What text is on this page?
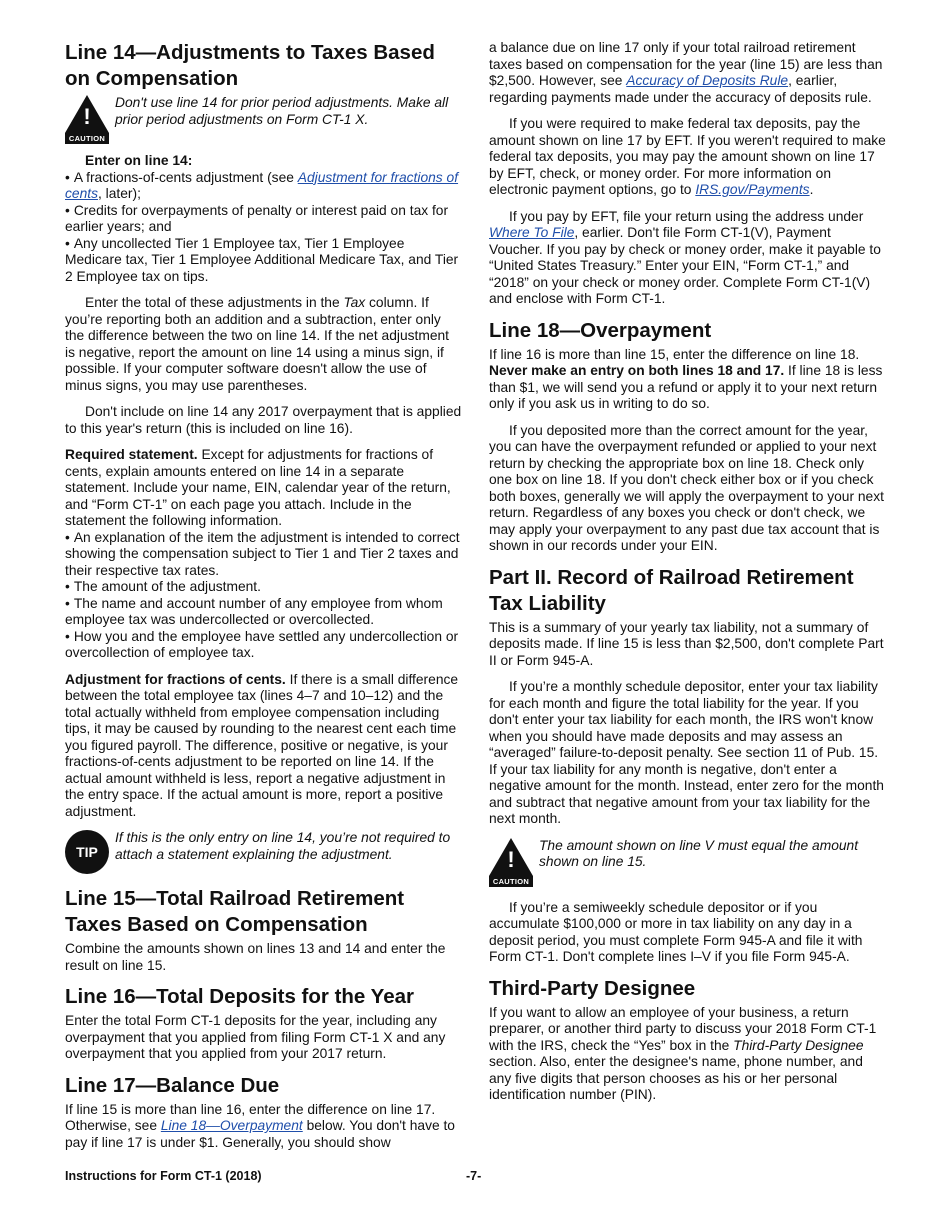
Line 14—Adjustments to Taxes Based on Compensation
!
CAUTION
Don't use line 14 for prior period adjustments. Make all prior period adjustments on Form CT-1 X.

Enter on line 14:

• A fractions-of-cents adjustment (see Adjustment for fractions of cents, later);
• Credits for overpayments of penalty or interest paid on tax for earlier years; and
• Any uncollected Tier 1 Employee tax, Tier 1 Employee Medicare tax, Tier 1 Employee Additional Medicare Tax, and Tier 2 Employee tax on tips.

Enter the total of these adjustments in the Tax column. If you’re reporting both an addition and a subtraction, enter only the difference between the two on line 14. If the net adjustment is negative, report the amount on line 14 using a minus sign, if possible. If your computer software doesn't allow the use of minus signs, you may use parentheses.

Don't include on line 14 any 2017 overpayment that is applied to this year's return (this is included on line 16).

Required statement. Except for adjustments for fractions of cents, explain amounts entered on line 14 in a separate statement. Include your name, EIN, calendar year of the return, and “Form CT-1” on each page you attach. Include in the statement the following information.

• An explanation of the item the adjustment is intended to correct showing the compensation subject to Tier 1 and Tier 2 taxes and their respective tax rates.
• The amount of the adjustment.
• The name and account number of any employee from whom employee tax was undercollected or overcollected.
• How you and the employee have settled any undercollection or overcollection of employee tax.

Adjustment for fractions of cents. If there is a small difference between the total employee tax (lines 4–7 and 10–12) and the total actually withheld from employee compensation including tips, it may be caused by rounding to the nearest cent each time you figured payroll. The difference, positive or negative, is your fractions-of-cents adjustment to be reported on line 14. If the actual amount withheld is less, report a negative adjustment in the entry space. If the actual amount is more, report a positive adjustment.

TIP
If this is the only entry on line 14, you’re not required to attach a statement explaining the adjustment.
Line 15—Total Railroad Retirement Taxes Based on Compensation

Combine the amounts shown on lines 13 and 14 and enter the result on line 15.

Line 16—Total Deposits for the Year

Enter the total Form CT-1 deposits for the year, including any overpayment that you applied from filing Form CT-1 X and any overpayment that you applied from your 2017 return.

Line 17—Balance Due

If line 15 is more than line 16, enter the difference on line 17. Otherwise, see Line 18—Overpayment below. You don't have to pay if line 17 is under $1. Generally, you should show

a balance due on line 17 only if your total railroad retirement taxes based on compensation for the year (line 15) are less than $2,500. However, see Accuracy of Deposits Rule, earlier, regarding payments made under the accuracy of deposits rule.

If you were required to make federal tax deposits, pay the amount shown on line 17 by EFT. If you weren't required to make federal tax deposits, you may pay the amount shown on line 17 by EFT, check, or money order. For more information on electronic payment options, go to IRS.gov/Payments.

If you pay by EFT, file your return using the address under Where To File, earlier. Don't file Form CT-1(V), Payment Voucher. If you pay by check or money order, make it payable to “United States Treasury.” Enter your EIN, “Form CT-1,” and “2018” on your check or money order. Complete Form CT-1(V) and enclose with Form CT-1.

Line 18—Overpayment

If line 16 is more than line 15, enter the difference on line 18. Never make an entry on both lines 18 and 17. If line 18 is less than $1, we will send you a refund or apply it to your next return only if you ask us in writing to do so.

If you deposited more than the correct amount for the year, you can have the overpayment refunded or applied to your next return by checking the appropriate box on line 18. Check only one box on line 18. If you don't check either box or if you check both boxes, generally we will apply the overpayment to your next return. Regardless of any boxes you check or don't check, we may apply your overpayment to any past due tax account that is shown in our records under your EIN.

Part II. Record of Railroad Retirement Tax Liability

This is a summary of your yearly tax liability, not a summary of deposits made. If line 15 is less than $2,500, don't complete Part II or Form 945-A.

If you’re a monthly schedule depositor, enter your tax liability for each month and figure the total liability for the year. If you don't enter your tax liability for each month, the IRS won't know when you should have made deposits and may assess an “averaged” failure-to-deposit penalty. See section 11 of Pub. 15. If your tax liability for any month is negative, don't enter a negative amount for the month. Instead, enter zero for the month and subtract that negative amount from your tax liability for the next month.

!
CAUTION
The amount shown on line V must equal the amount shown on line 15.

If you’re a semiweekly schedule depositor or if you accumulate $100,000 or more in tax liability on any day in a deposit period, you must complete Form 945-A and file it with Form CT-1. Don't complete lines I–V if you file Form 945-A.

Third-Party Designee

If you want to allow an employee of your business, a return preparer, or another third party to discuss your 2018 Form CT-1 with the IRS, check the “Yes” box in the Third-Party Designee section. Also, enter the designee's name, phone number, and any five digits that person chooses as his or her personal identification number (PIN).

Instructions for Form CT-1 (2018)	-7-
